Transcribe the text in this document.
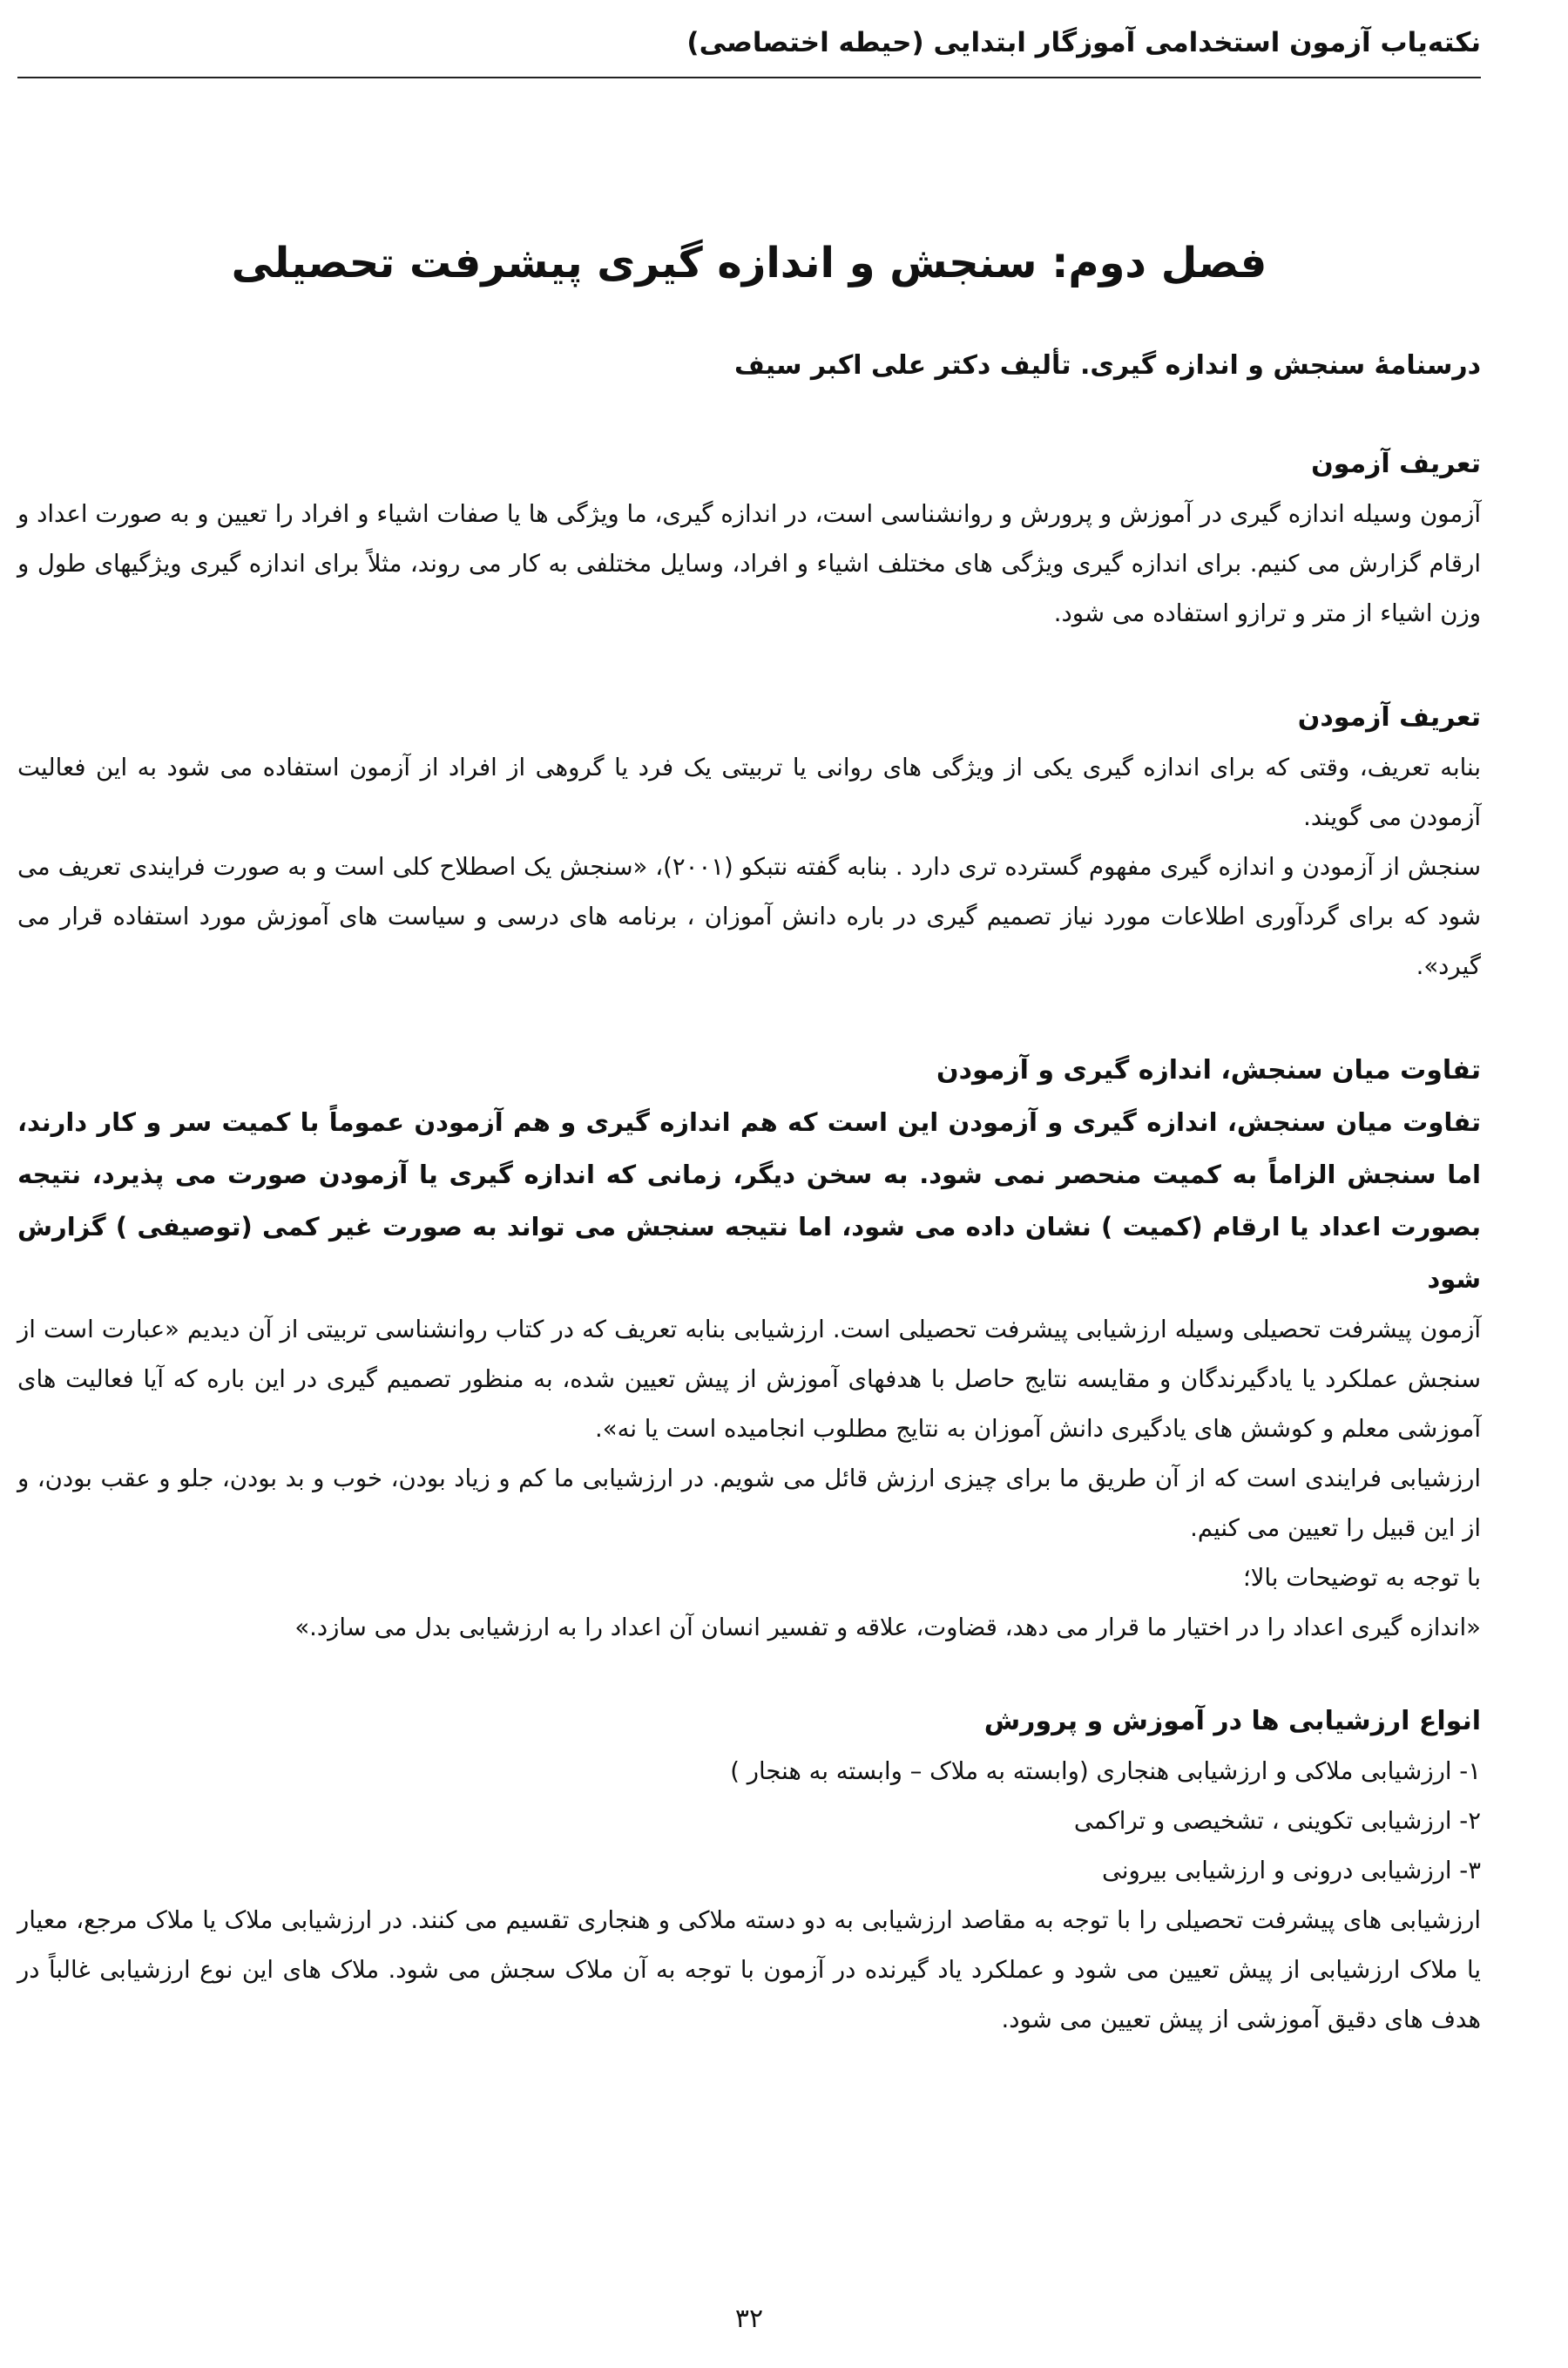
نکته‌یاب آزمون استخدامی آموزگار ابتدایی (حیطه اختصاصی)
فصل دوم: سنجش و اندازه گیری پیشرفت تحصیلی
درسنامۀ سنجش و اندازه گیری. تألیف دکتر علی اکبر سیف
تعریف آزمون

آزمون وسیله اندازه گیری در آموزش و پرورش و روانشناسی است، در اندازه گیری، ما ویژگی ها یا صفات اشیاء و افراد را تعیین و به صورت اعداد و ارقام گزارش می کنیم. برای اندازه گیری ویژگی های مختلف اشیاء و افراد، وسایل مختلفی به کار می روند، مثلاً برای اندازه گیری ویژگیهای طول و وزن اشیاء از متر و ترازو استفاده می شود.

تعریف آزمودن

بنابه تعریف، وقتی که برای اندازه گیری یکی از ویژگی های روانی یا تربیتی یک فرد یا گروهی از افراد از آزمون استفاده می شود به این فعالیت آزمودن می گویند.

سنجش از آزمودن و اندازه گیری مفهوم گسترده تری دارد . بنابه گفته نتبکو (۲۰۰۱)، «سنجش یک اصطلاح کلی است و به صورت فرایندی تعریف می شود که برای گردآوری اطلاعات مورد نیاز تصمیم گیری در باره دانش آموزان ، برنامه های درسی و سیاست های آموزش مورد استفاده قرار می گیرد».

تفاوت میان سنجش، اندازه گیری و آزمودن

تفاوت میان سنجش، اندازه گیری و آزمودن این است که هم اندازه گیری و هم آزمودن عموماً با کمیت سر و کار دارند، اما سنجش الزاماً به کمیت منحصر نمی شود. به سخن دیگر، زمانی که اندازه گیری یا آزمودن صورت می پذیرد، نتیجه بصورت اعداد یا ارقام (کمیت ) نشان داده می شود، اما نتیجه سنجش می تواند به صورت غیر کمی (توصیفی ) گزارش شود

آزمون پیشرفت تحصیلی وسیله ارزشیابی پیشرفت تحصیلی است. ارزشیابی بنابه تعریف که در کتاب روانشناسی تربیتی از آن دیدیم «عبارت است از سنجش عملکرد یا یادگیرندگان و مقایسه نتایج حاصل با هدفهای آموزش از پیش تعیین شده، به منظور تصمیم گیری در این باره که آیا فعالیت های آموزشی معلم و کوشش های یادگیری دانش آموزان به نتایج مطلوب انجامیده است یا نه».

ارزشیابی فرایندی است که از آن طریق ما برای چیزی ارزش قائل می شویم. در ارزشیابی ما کم و زیاد بودن، خوب و بد بودن، جلو و عقب بودن، و از این قبیل را تعیین می کنیم.

با توجه به توضیحات بالا؛

«اندازه گیری اعداد را در اختیار ما قرار می دهد، قضاوت، علاقه و تفسیر انسان آن اعداد را به ارزشیابی بدل می سازد.»

انواع ارزشیابی ها در آموزش و پرورش
۱- ارزشیابی ملاکی و ارزشیابی هنجاری (وابسته به ملاک – وابسته به هنجار )
۲- ارزشیابی تکوینی ، تشخیصی و تراکمی
۳- ارزشیابی درونی و ارزشیابی بیرونی

ارزشیابی های پیشرفت تحصیلی را با توجه به مقاصد ارزشیابی به دو دسته ملاکی و هنجاری تقسیم می کنند. در ارزشیابی ملاک یا ملاک مرجع، معیار یا ملاک ارزشیابی از پیش تعیین می شود و عملکرد یاد گیرنده در آزمون با توجه به آن ملاک سجش می شود. ملاک های این نوع ارزشیابی غالباً در هدف های دقیق آموزشی از پیش تعیین می شود.

۳۲
